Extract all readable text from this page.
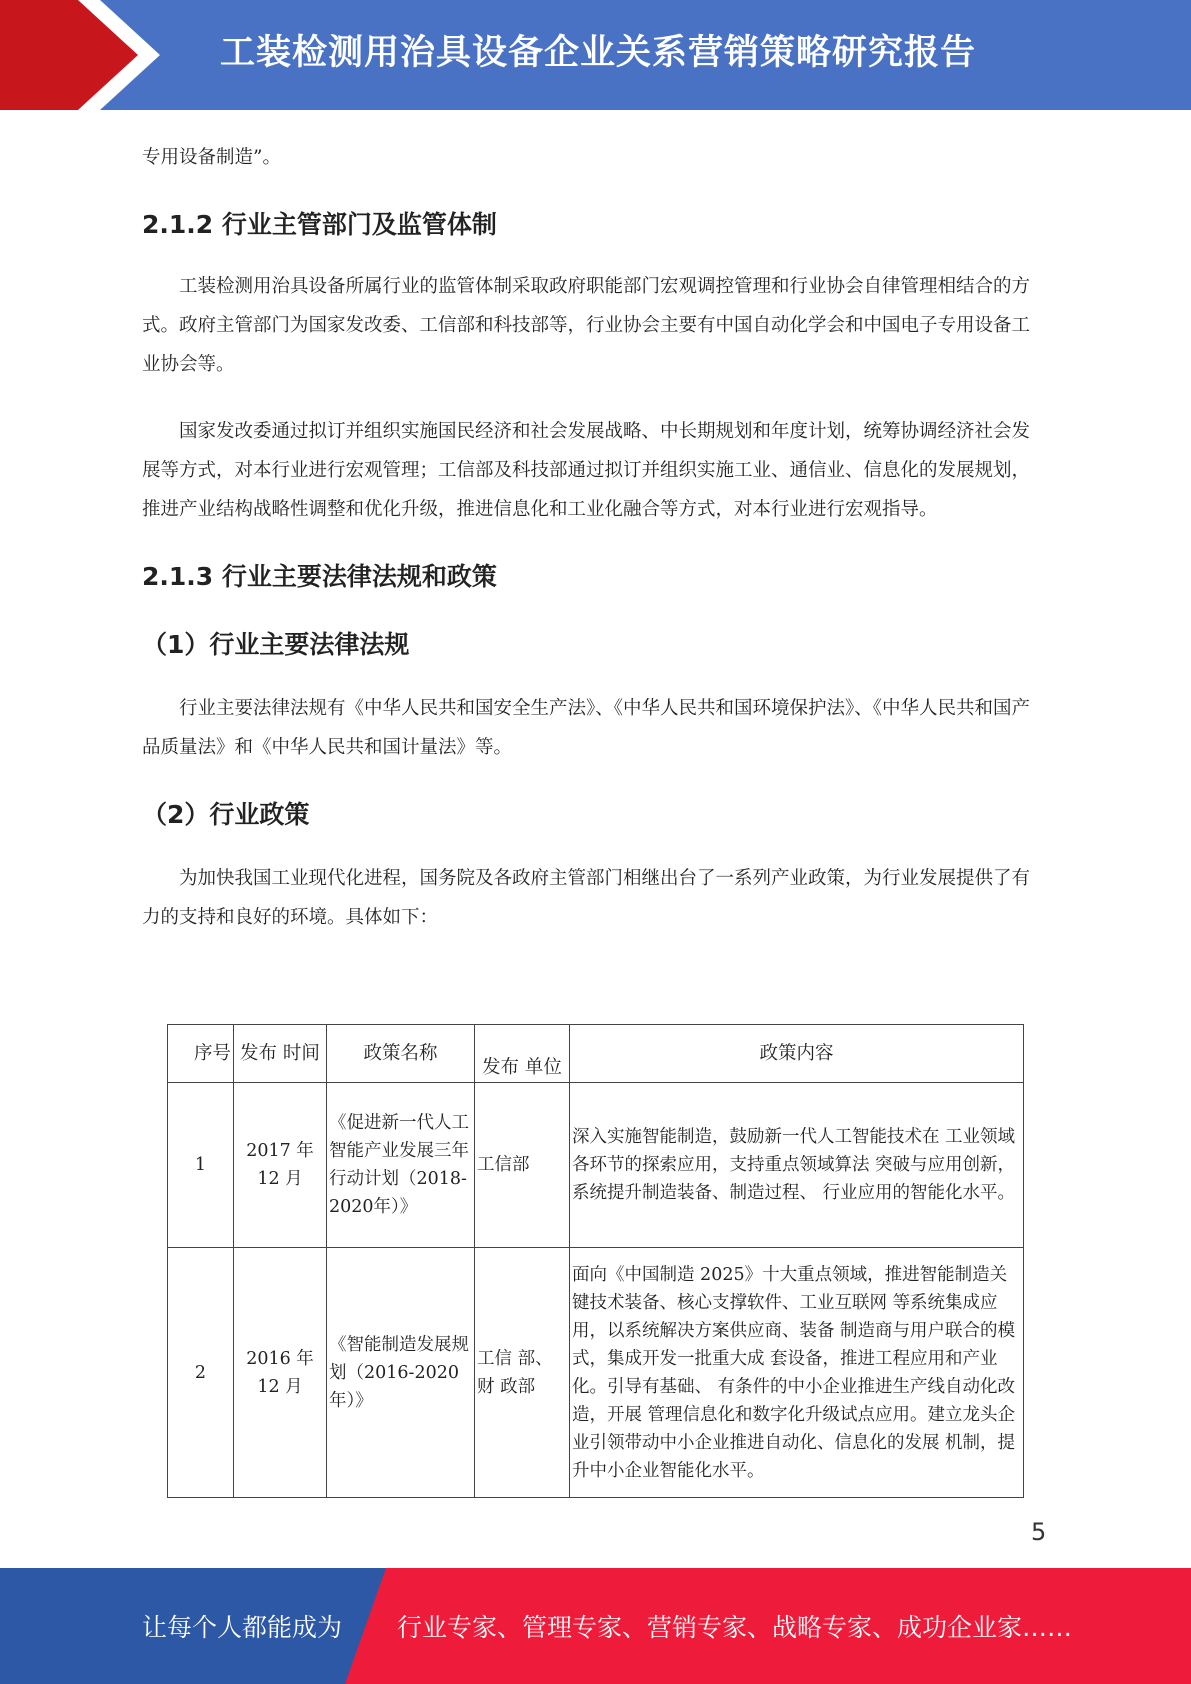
工装检测用治具设备企业关系营销策略研究报告

专用设备制造”。

2.1.2 行业主管部门及监管体制

工装检测用治具设备所属行业的监管体制采取政府职能部门宏观调控管理和行业协会自律管理相结合的方式。政府主管部门为国家发改委、工信部和科技部等，行业协会主要有中国自动化学会和中国电子专用设备工业协会等。

国家发改委通过拟订并组织实施国民经济和社会发展战略、中长期规划和年度计划，统筹协调经济社会发展等方式，对本行业进行宏观管理；工信部及科技部通过拟订并组织实施工业、通信业、信息化的发展规划，推进产业结构战略性调整和优化升级，推进信息化和工业化融合等方式，对本行业进行宏观指导。

2.1.3 行业主要法律法规和政策
（1）行业主要法律法规

行业主要法律法规有《中华人民共和国安全生产法》、《中华人民共和国环境保护法》、《中华人民共和国产品质量法》和《中华人民共和国计量法》等。

（2）行业政策

为加快我国工业现代化进程，国务院及各政府主管部门相继出台了一系列产业政策，为行业发展提供了有力的支持和良好的环境。具体如下：

序号	发布 时间	政策名称	发布 单位	政策内容
1	2017 年 12 月	《促进新一代人工智能产业发展三年行动计划（2018-2020年）》	工信部	深入实施智能制造，鼓励新一代人工智能技术在 工业领域各环节的探索应用，支持重点领域算法 突破与应用创新，系统提升制造装备、制造过程、 行业应用的智能化水平。
2	2016 年 12 月	《智能制造发展规划（2016-2020年）》	工信 部、财 政部	面向《中国制造 2025》十大重点领域，推进智能制造关键技术装备、核心支撑软件、工业互联网 等系统集成应用，以系统解决方案供应商、装备 制造商与用户联合的模式，集成开发一批重大成 套设备，推进工程应用和产业化。引导有基础、 有条件的中小企业推进生产线自动化改造，开展 管理信息化和数字化升级试点应用。建立龙头企 业引领带动中小企业推进自动化、信息化的发展 机制，提升中小企业智能化水平。
5
让每个人都能成为 行业专家、管理专家、营销专家、战略专家、成功企业家……
